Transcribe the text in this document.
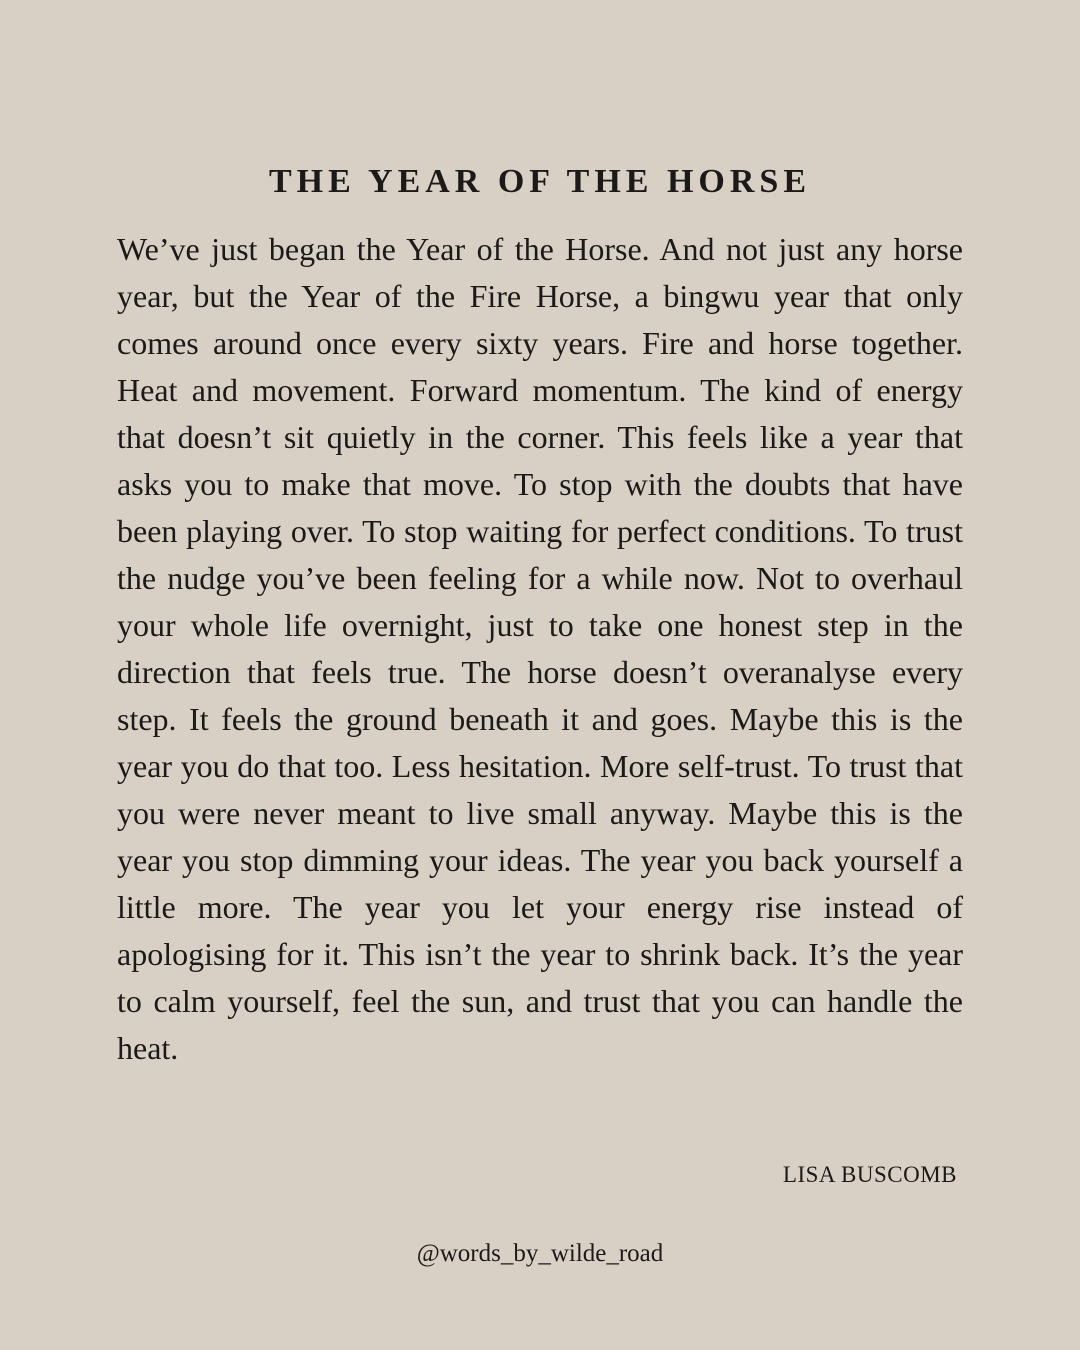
THE YEAR OF THE HORSE

We’ve just began the Year of the Horse. And not just any horse year, but the Year of the Fire Horse, a bingwu year that only comes around once every sixty years. Fire and horse together. Heat and movement. Forward momentum. The kind of energy that doesn’t sit quietly in the corner. This feels like a year that asks you to make that move. To stop with the doubts that have been playing over. To stop waiting for perfect conditions. To trust the nudge you’ve been feeling for a while now. Not to overhaul your whole life overnight, just to take one honest step in the direction that feels true. The horse doesn’t overanalyse every step. It feels the ground beneath it and goes. Maybe this is the year you do that too. Less hesitation. More self-trust. To trust that you were never meant to live small anyway. Maybe this is the year you stop dimming your ideas. The year you back yourself a little more. The year you let your energy rise instead of apologising for it. This isn’t the year to shrink back. It’s the year to calm yourself, feel the sun, and trust that you can handle the heat.

LISA BUSCOMB

@words_by_wilde_road
